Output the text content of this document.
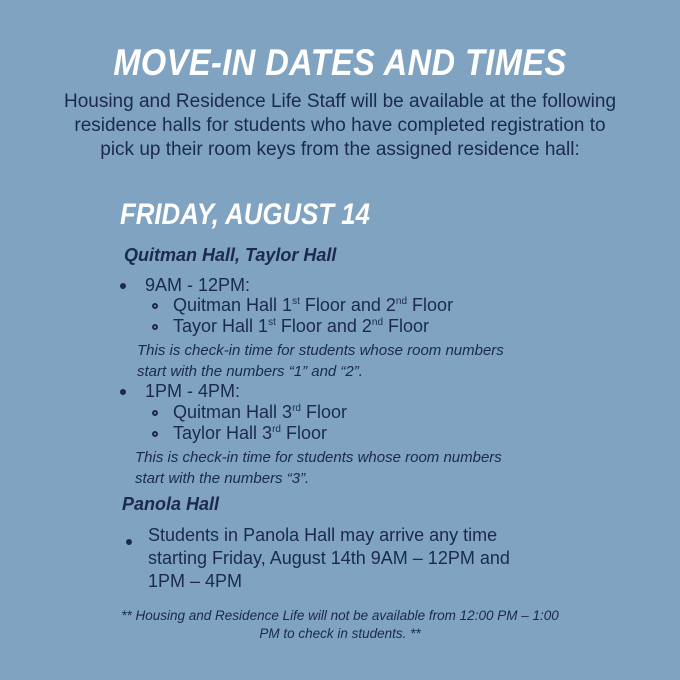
MOVE-IN DATES AND TIMES
Housing and Residence Life Staff will be available at the following residence halls for students who have completed registration to pick up their room keys from the assigned residence hall:
FRIDAY, AUGUST 14
Quitman Hall, Taylor Hall
9AM - 12PM:
Quitman Hall 1st Floor and 2nd Floor
Tayor Hall 1st Floor and 2nd Floor
This is check-in time for students whose room numbers start with the numbers “1” and “2”.
1PM - 4PM:
Quitman Hall 3rd Floor
Taylor Hall 3rd Floor
This is check-in time for students whose room numbers start with the numbers “3”.
Panola Hall
Students in Panola Hall may arrive any time starting Friday, August 14th 9AM – 12PM and 1PM – 4PM
** Housing and Residence Life will not be available from 12:00 PM – 1:00 PM to check in students. **
